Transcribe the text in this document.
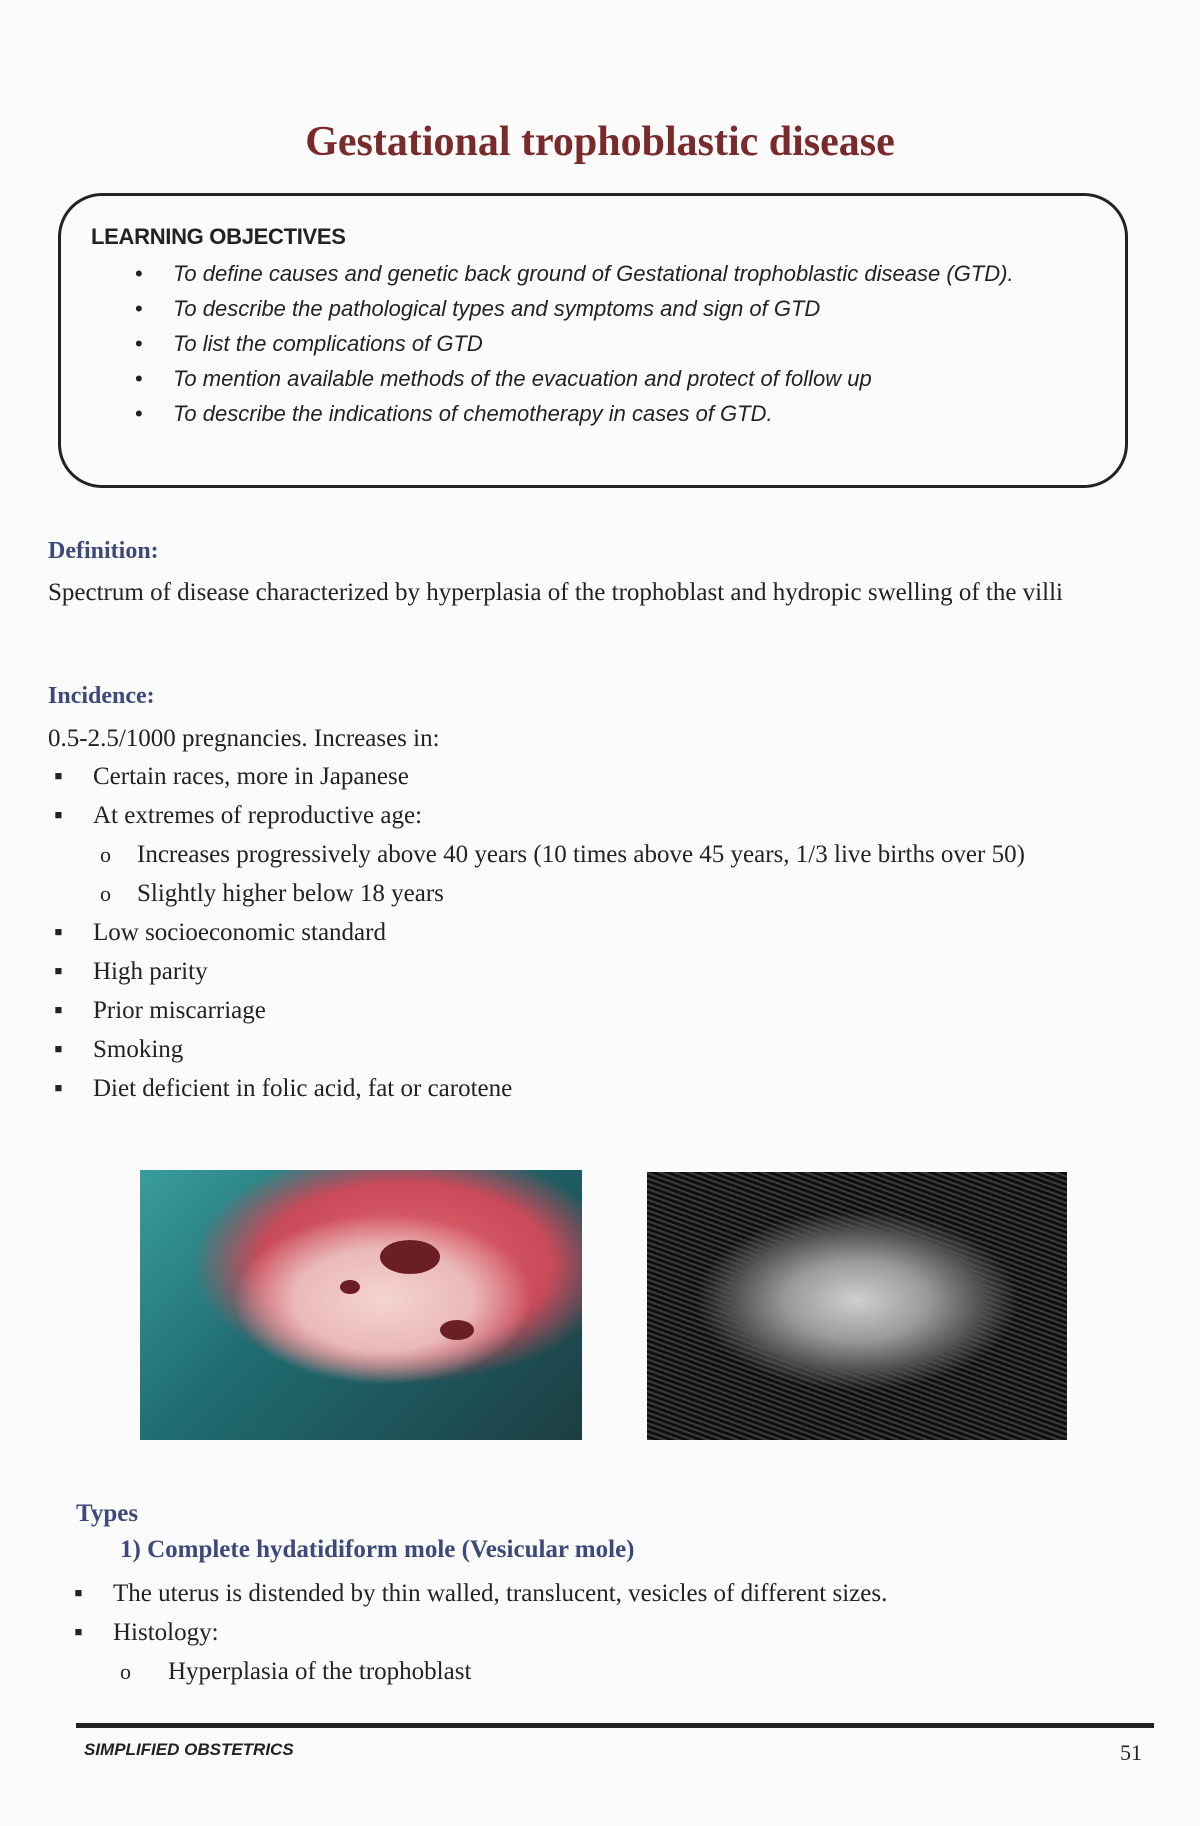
Gestational trophoblastic disease
LEARNING OBJECTIVES
• To define causes and genetic back ground of Gestational trophoblastic disease (GTD).
• To describe the pathological types and symptoms and sign of GTD
• To list the complications of GTD
• To mention available methods of the evacuation and protect of follow up
• To describe the indications of chemotherapy in cases of GTD.
Definition:
Spectrum of disease characterized by hyperplasia of the trophoblast and hydropic swelling of the villi
Incidence:
0.5-2.5/1000 pregnancies. Increases in:
▪ Certain races, more in Japanese
▪ At extremes of reproductive age:
o Increases progressively above 40 years (10 times above 45 years, 1/3 live births over 50)
o Slightly higher below 18 years
▪ Low socioeconomic standard
▪ High parity
▪ Prior miscarriage
▪ Smoking
▪ Diet deficient in folic acid, fat or carotene
Types
1) Complete hydatidiform mole (Vesicular mole)
▪ The uterus is distended by thin walled, translucent, vesicles of different sizes.
▪ Histology:
o Hyperplasia of the trophoblast
SIMPLIFIED OBSTETRICS	51
